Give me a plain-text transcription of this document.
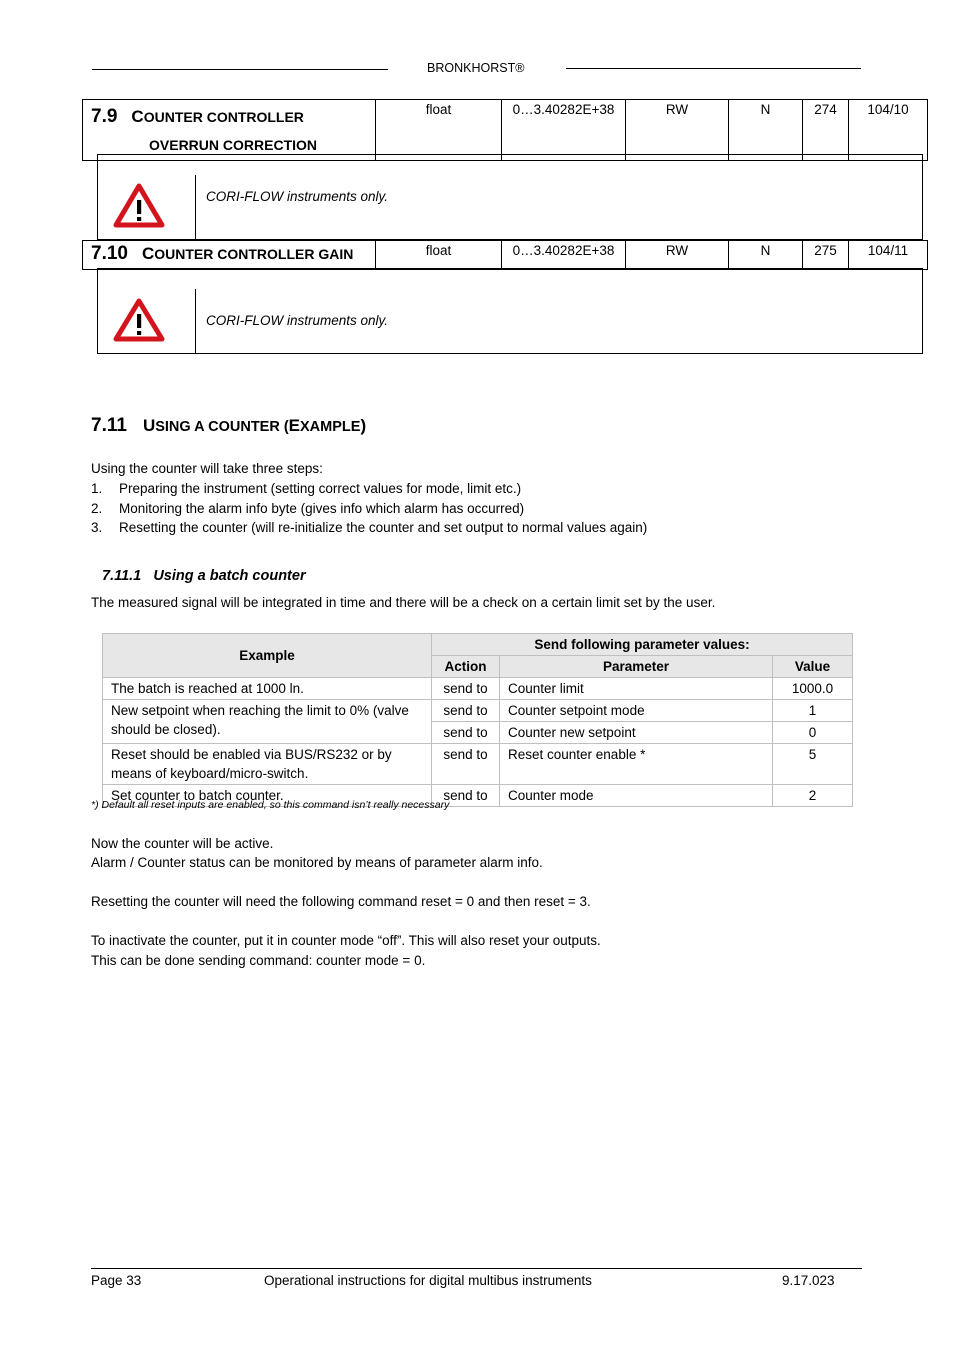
BRONKHORST®
7.9 COUNTER CONTROLLER
OVERRUN CORRECTION	float	0…3.40282E+38	RW	N	274	104/10
CORI-FLOW instruments only.
7.10 COUNTER CONTROLLER GAIN	float	0…3.40282E+38	RW	N	275	104/11
CORI-FLOW instruments only.
7.11 USING A COUNTER (EXAMPLE)
Using the counter will take three steps:
1. Preparing the instrument (setting correct values for mode, limit etc.)
2. Monitoring the alarm info byte (gives info which alarm has occurred)
3. Resetting the counter (will re-initialize the counter and set output to normal values again)
7.11.1   Using a batch counter
The measured signal will be integrated in time and there will be a check on a certain limit set by the user.
Example	Send following parameter values:		
	Action	Parameter	Value
The batch is reached at 1000 ln.	send to	Counter limit	1000.0
New setpoint when reaching the limit to 0% (valve should be closed).	send to	Counter setpoint mode	1
	send to	Counter new setpoint	0
Reset should be enabled via BUS/RS232 or by means of keyboard/micro-switch.	send to	Reset counter enable *	5
Set counter to batch counter.	send to	Counter mode	2
*) Default all reset inputs are enabled, so this command isn’t really necessary
Now the counter will be active.
Alarm / Counter status can be monitored by means of parameter alarm info.
Resetting the counter will need the following command reset = 0 and then reset = 3.
To inactivate the counter, put it in counter mode “off”. This will also reset your outputs.
This can be done sending command: counter mode = 0.
Page 33	Operational instructions for digital multibus instruments	9.17.023
